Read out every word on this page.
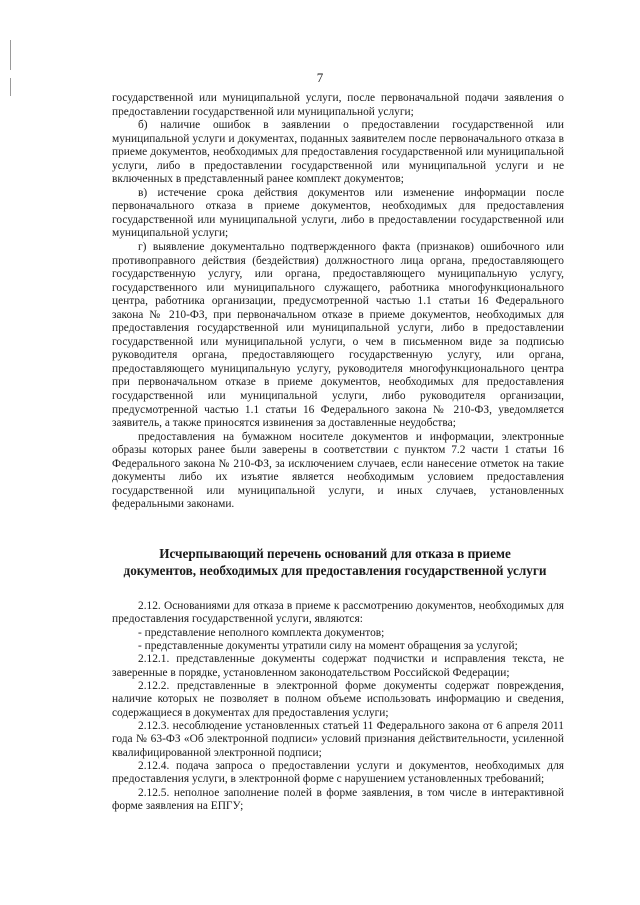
7

государственной или муниципальной услуги, после первоначальной подачи заявления о предоставлении государственной или муниципальной услуги;

б) наличие ошибок в заявлении о предоставлении государственной или муниципальной услуги и документах, поданных заявителем после первоначального отказа в приеме документов, необходимых для предоставления государственной или муниципальной услуги, либо в предоставлении государственной или муниципальной услуги и не включенных в представленный ранее комплект документов;

в) истечение срока действия документов или изменение информации после первоначального отказа в приеме документов, необходимых для предоставления государственной или муниципальной услуги, либо в предоставлении государственной или муниципальной услуги;

г) выявление документально подтвержденного факта (признаков) ошибочного или противоправного действия (бездействия) должностного лица органа, предоставляющего государственную услугу, или органа, предоставляющего муниципальную услугу, государственного или муниципального служащего, работника многофункционального центра, работника организации, предусмотренной частью 1.1 статьи 16 Федерального закона № 210-ФЗ, при первоначальном отказе в приеме документов, необходимых для предоставления государственной или муниципальной услуги, либо в предоставлении государственной или муниципальной услуги, о чем в письменном виде за подписью руководителя органа, предоставляющего государственную услугу, или органа, предоставляющего муниципальную услугу, руководителя многофункционального центра при первоначальном отказе в приеме документов, необходимых для предоставления государственной или муниципальной услуги, либо руководителя организации, предусмотренной частью 1.1 статьи 16 Федерального закона № 210-ФЗ, уведомляется заявитель, а также приносятся извинения за доставленные неудобства;

предоставления на бумажном носителе документов и информации, электронные образы которых ранее были заверены в соответствии с пунктом 7.2 части 1 статьи 16 Федерального закона № 210-ФЗ, за исключением случаев, если нанесение отметок на такие документы либо их изъятие является необходимым условием предоставления государственной или муниципальной услуги, и иных случаев, установленных федеральными законами.

Исчерпывающий перечень оснований для отказа в приеме
документов, необходимых для предоставления государственной услуги

2.12. Основаниями для отказа в приеме к рассмотрению документов, необходимых для предоставления государственной услуги, являются:

- представление неполного комплекта документов;

- представленные документы утратили силу на момент обращения за услугой;

2.12.1. представленные документы содержат подчистки и исправления текста, не заверенные в порядке, установленном законодательством Российской Федерации;

2.12.2. представленные в электронной форме документы содержат повреждения, наличие которых не позволяет в полном объеме использовать информацию и сведения, содержащиеся в документах для предоставления услуги;

2.12.3. несоблюдение установленных статьей 11 Федерального закона от 6 апреля 2011 года № 63-ФЗ «Об электронной подписи» условий признания действительности, усиленной квалифицированной электронной подписи;

2.12.4. подача запроса о предоставлении услуги и документов, необходимых для предоставления услуги, в электронной форме с нарушением установленных требований;

2.12.5. неполное заполнение полей в форме заявления, в том числе в интерактивной форме заявления на ЕПГУ;
